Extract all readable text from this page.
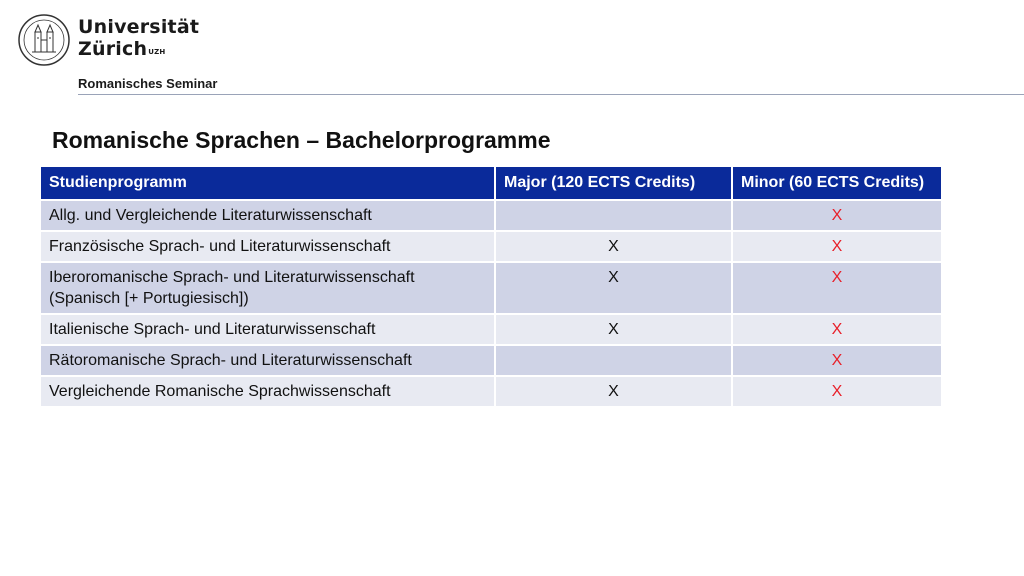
Universität
Zürich$^{UZH}$
Romanisches Seminar
Romanische Sprachen – Bachelorprogramme
Studienprogramm	Major (120 ECTS Credits)	Minor (60 ECTS Credits)
Allg. und Vergleichende Literaturwissenschaft		X
Französische Sprach- und Literaturwissenschaft	X	X
Iberoromanische Sprach- und Literaturwissenschaft (Spanisch [+ Portugiesisch])	X	X
Italienische Sprach- und Literaturwissenschaft	X	X
Rätoromanische Sprach- und Literaturwissenschaft		X
Vergleichende Romanische Sprachwissenschaft	X	X
